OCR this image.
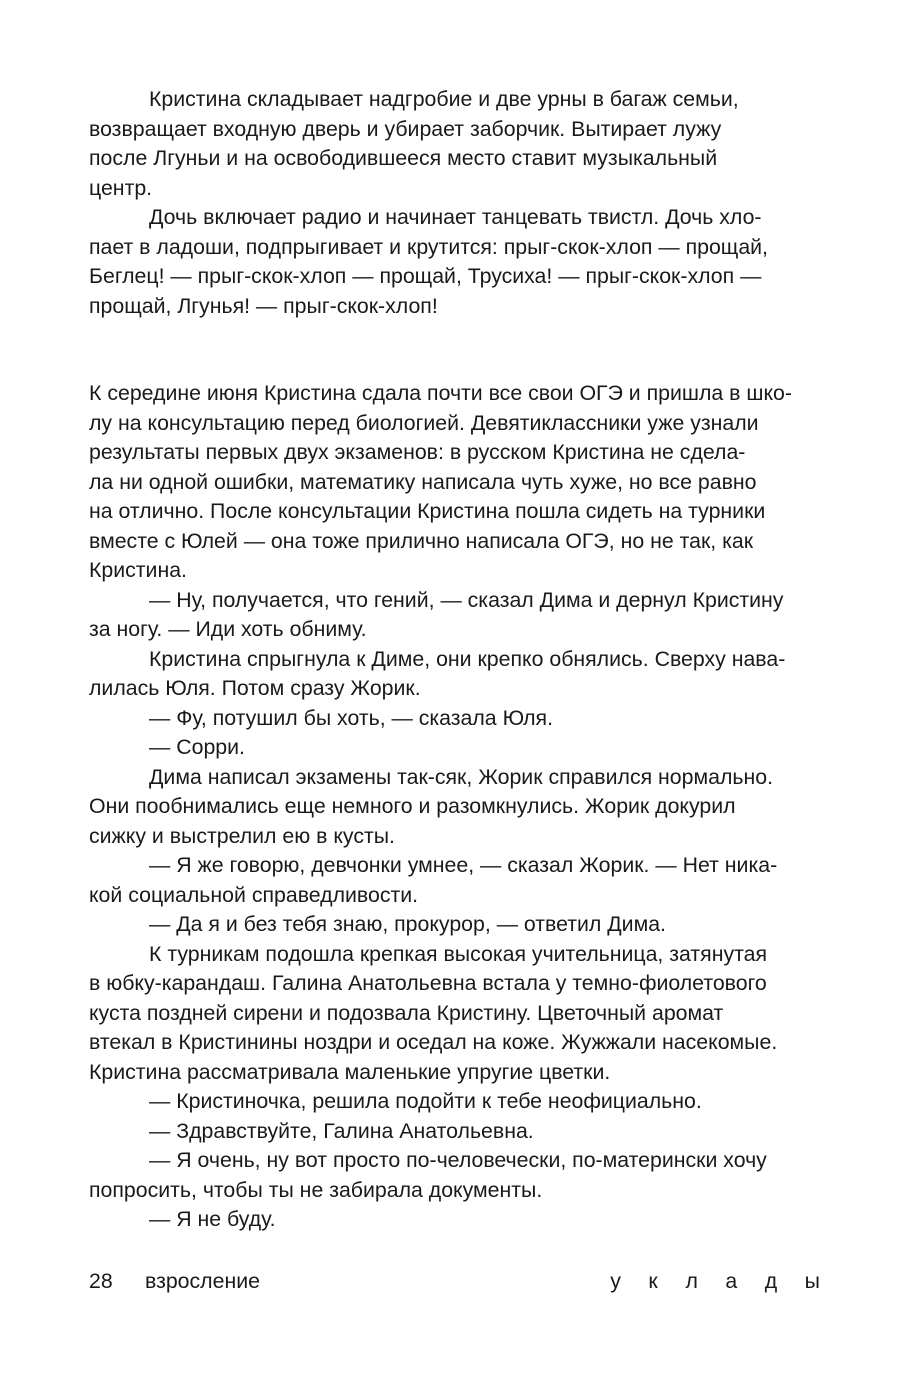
Кристина складывает надгробие и две урны в багаж семьи,
возвращает входную дверь и убирает заборчик. Вытирает лужу
после Лгуньи и на освободившееся место ставит музыкальный
центр.
Дочь включает радио и начинает танцевать твистл. Дочь хло-
пает в ладоши, подпрыгивает и крутится: прыг-скок-хлоп — прощай,
Беглец! — прыг-скок-хлоп — прощай, Трусиха! — прыг-скок-хлоп —
прощай, Лгунья! — прыг-скок-хлоп!
К середине июня Кристина сдала почти все свои ОГЭ и пришла в шко-
лу на консультацию перед биологией. Девятиклассники уже узнали
результаты первых двух экзаменов: в русском Кристина не сдела-
ла ни одной ошибки, математику написала чуть хуже, но все равно
на отлично. После консультации Кристина пошла сидеть на турники
вместе с Юлей — она тоже прилично написала ОГЭ, но не так, как
Кристина.
— Ну, получается, что гений, — сказал Дима и дернул Кристину
за ногу. — Иди хоть обниму.
Кристина спрыгнула к Диме, они крепко обнялись. Сверху нава-
лилась Юля. Потом сразу Жорик.
— Фу, потушил бы хоть, — сказала Юля.
— Сорри.
Дима написал экзамены так-сяк, Жорик справился нормально.
Они пообнимались еще немного и разомкнулись. Жорик докурил
сижку и выстрелил ею в кусты.
— Я же говорю, девчонки умнее, — сказал Жорик. — Нет ника-
кой социальной справедливости.
— Да я и без тебя знаю, прокурор, — ответил Дима.
К турникам подошла крепкая высокая учительница, затянутая
в юбку-карандаш. Галина Анатольевна встала у темно-фиолетового
куста поздней сирени и подозвала Кристину. Цветочный аромат
втекал в Кристинины ноздри и оседал на коже. Жужжали насекомые.
Кристина рассматривала маленькие упругие цветки.
— Кристиночка, решила подойти к тебе неофициально.
— Здравствуйте, Галина Анатольевна.
— Я очень, ну вот просто по-человечески, по-матерински хочу
попросить, чтобы ты не забирала документы.
— Я не буду.
28 взросление	уклады
